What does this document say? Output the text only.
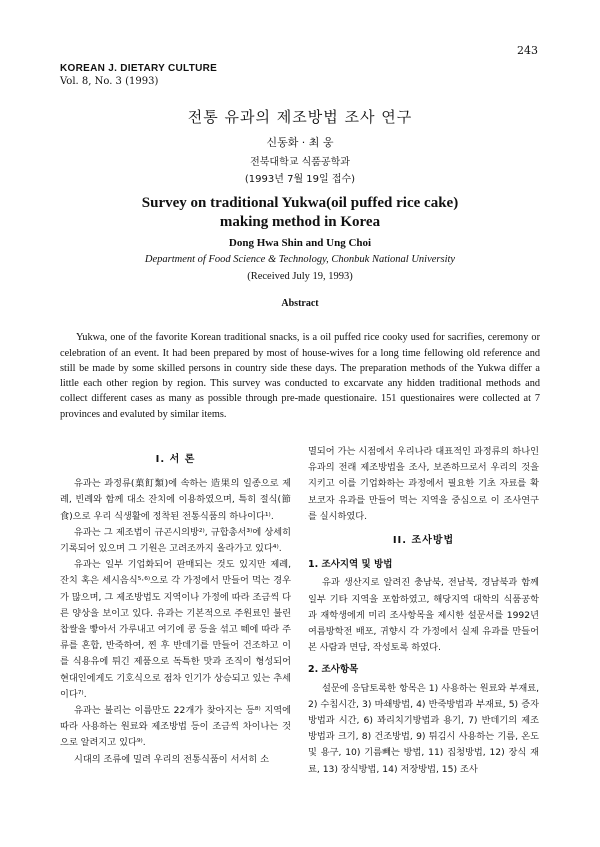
243
KOREAN J. DIETARY CULTURE
Vol. 8, No. 3 (1993)
전통 유과의 제조방법 조사 연구
신동화 · 최 웅
전북대학교 식품공학과
(1993년 7월 19일 접수)
Survey on traditional Yukwa(oil puffed rice cake)
making method in Korea
Dong Hwa Shin and Ung Choi
Department of Food Science & Technology, Chonbuk National University
(Received July 19, 1993)
Abstract

Yukwa, one of the favorite Korean traditional snacks, is a oil puffed rice cooky used for sacrifies, ceremony or celebration of an event. It had been prepared by most of house-wives for a long time fellowing old reference and still be made by some skilled persons in country side these days. The preparation methods of the Yukwa differ a little each other region by region. This survey was conducted to excarvate any hidden traditional methods and collect different cases as many as possible through pre-made questionaire. 151 questionaires were collected at 7 provinces and evaluted by similar items.

I. 서 론

유과는 과정류(菓飣類)에 속하는 造果의 일종으로 제례, 빈례와 함께 대소 잔치에 이용하였으며, 특히 절식(節食)으로 우리 식생활에 정착된 전통식품의 하나이다¹⁾.

유과는 그 제조법이 규곤시의방²⁾, 규합총서³⁾에 상세히 기록되어 있으며 그 기원은 고려조까지 올라가고 있다⁴⁾.

유과는 일부 기업화되어 판매되는 것도 있지만 제례, 잔치 혹은 세시음식⁵·⁶⁾으로 각 가정에서 만들어 먹는 경우가 많으며, 그 제조방법도 지역이나 가정에 따라 조금씩 다른 양상을 보이고 있다. 유과는 기본적으로 주원료인 불린 찹쌀을 빻아서 가루내고 여기에 콩 등을 섞고 떼에 따라 주류를 혼합, 반죽하여, 찐 후 반데기를 만들어 건조하고 이를 식용유에 튀긴 제품으로 독특한 맛과 조직이 형성되어 현대인에게도 기호식으로 점차 인기가 상승되고 있는 추세이다⁷⁾.

유과는 불리는 이름만도 22개가 찾아지는 등⁸⁾ 지역에 따라 사용하는 원료와 제조방법 등이 조금씩 차이나는 것으로 알려지고 있다⁹⁾.

시대의 조류에 밀려 우리의 전통식품이 서서히 소

멸되어 가는 시점에서 우리나라 대표적인 과정류의 하나인 유과의 전래 제조방법을 조사, 보존하므로서 우리의 것을 지키고 이를 기업화하는 과정에서 필요한 기초 자료를 확보코자 유과를 만들어 먹는 지역을 중심으로 이 조사연구를 실시하였다.

II. 조사방법
1. 조사지역 및 방법

유과 생산지로 알려진 충남북, 전남북, 경남북과 함께 일부 기타 지역을 포함하였고, 해당지역 대학의 식품공학과 재학생에게 미리 조사항목을 제시한 설문서를 1992년 여름방학전 배포, 귀향시 각 가정에서 실제 유과를 만들어본 사람과 면담, 작성토록 하였다.

2. 조사항목

설문에 응답토록한 항목은 1) 사용하는 원료와 부재료, 2) 수침시간, 3) 마쇄방법, 4) 반죽방법과 부재료, 5) 증자방법과 시간, 6) 꽈리치기방법과 용기, 7) 반데기의 제조방법과 크기, 8) 건조방법, 9) 튀김시 사용하는 기름, 온도 및 용구, 10) 기름빼는 방법, 11) 집청방법, 12) 장식 재료, 13) 장식방법, 14) 저장방법, 15) 조사
